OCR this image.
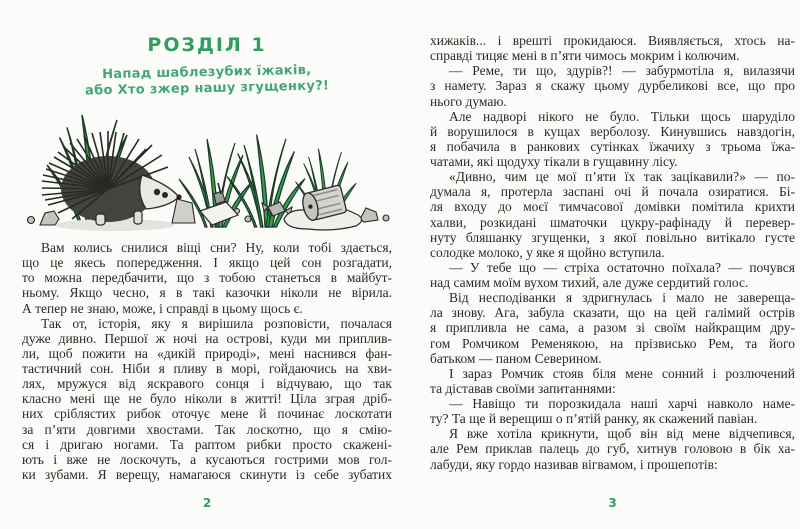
РОЗДІЛ 1
Напад шаблезубих їжаків,
або Хто зжер нашу згущенку?!
Вам колись снилися віщі сни? Ну, коли тобі здається,
що це якесь попередження. І якщо цей сон розгадати,
то можна передбачити, що з тобою станеться в майбут-
ньому. Якщо чесно, я в такі казочки ніколи не вірила.
А тепер не знаю, може, і справді в цьому щось є.
Так от, історія, яку я вирішила розповісти, почалася
дуже дивно. Першої ж ночі на острові, куди ми приплив-
ли, щоб пожити на «дикій природі», мені наснився фан-
тастичний сон. Ніби я пливу в морі, гойдаючись на хви-
лях, мружуся від яскравого сонця і відчуваю, що так
класно мені ще не було ніколи в житті! Ціла зграя дріб-
них сріблястих рибок оточує мене й починає лоскотати
за п’яти довгими хвостами. Так лоскотно, що я смію-
ся і дригаю ногами. Та раптом рибки просто скажені-
ють і вже не лоскочуть, а кусаються гострими мов гол-
ки зубами. Я верещу, намагаюся скинути із себе зубатих
2
хижаків... і врешті прокидаюся. Виявляється, хтось на-
справді тицяє мені в п’яти чимось мокрим і колючим.
— Реме, ти що, здурів?! — забурмотіла я, вилазячи
з намету. Зараз я скажу цьому дурбеликові все, що про
нього думаю.
Але надворі нікого не було. Тільки щось шаруділо
й ворушилося в кущах верболозу. Кинувшись навздогін,
я побачила в ранкових сутінках їжачиху з трьома їжа-
чатами, які щодуху тікали в гущавину лісу.
«Дивно, чим це мої п’яти їх так зацікавили?» — по-
думала я, протерла заспані очі й почала озиратися. Бі-
ля входу до моєї тимчасової домівки помітила крихти
халви, розкидані шматочки цукру-рафінаду й перевер-
нуту бляшанку згущенки, з якої повільно витікало густе
солодке молоко, у яке я щойно вступила.
— У тебе що — стріха остаточно поїхала? — почувся
над самим моїм вухом тихий, але дуже сердитий голос.
Від несподіванки я здригнулась і мало не завереща-
ла знову. Ага, забула сказати, що на цей галімий острів
я припливла не сама, а разом зі своїм найкращим дру-
гом Ромчиком Ременякою, на прізвисько Рем, та його
батьком — паном Северином.
І зараз Ромчик стояв біля мене сонний і розлючений
та діставав своїми запитаннями:
— Навіщо ти порозкидала наші харчі навколо наме-
ту? Та ще й верещиш о п’ятій ранку, як скажений павіан.
Я вже хотіла крикнути, щоб він від мене відчепився,
але Рем приклав палець до губ, хитнув головою в бік ха-
лабуди, яку гордо називав вігвамом, і прошепотів:
3
